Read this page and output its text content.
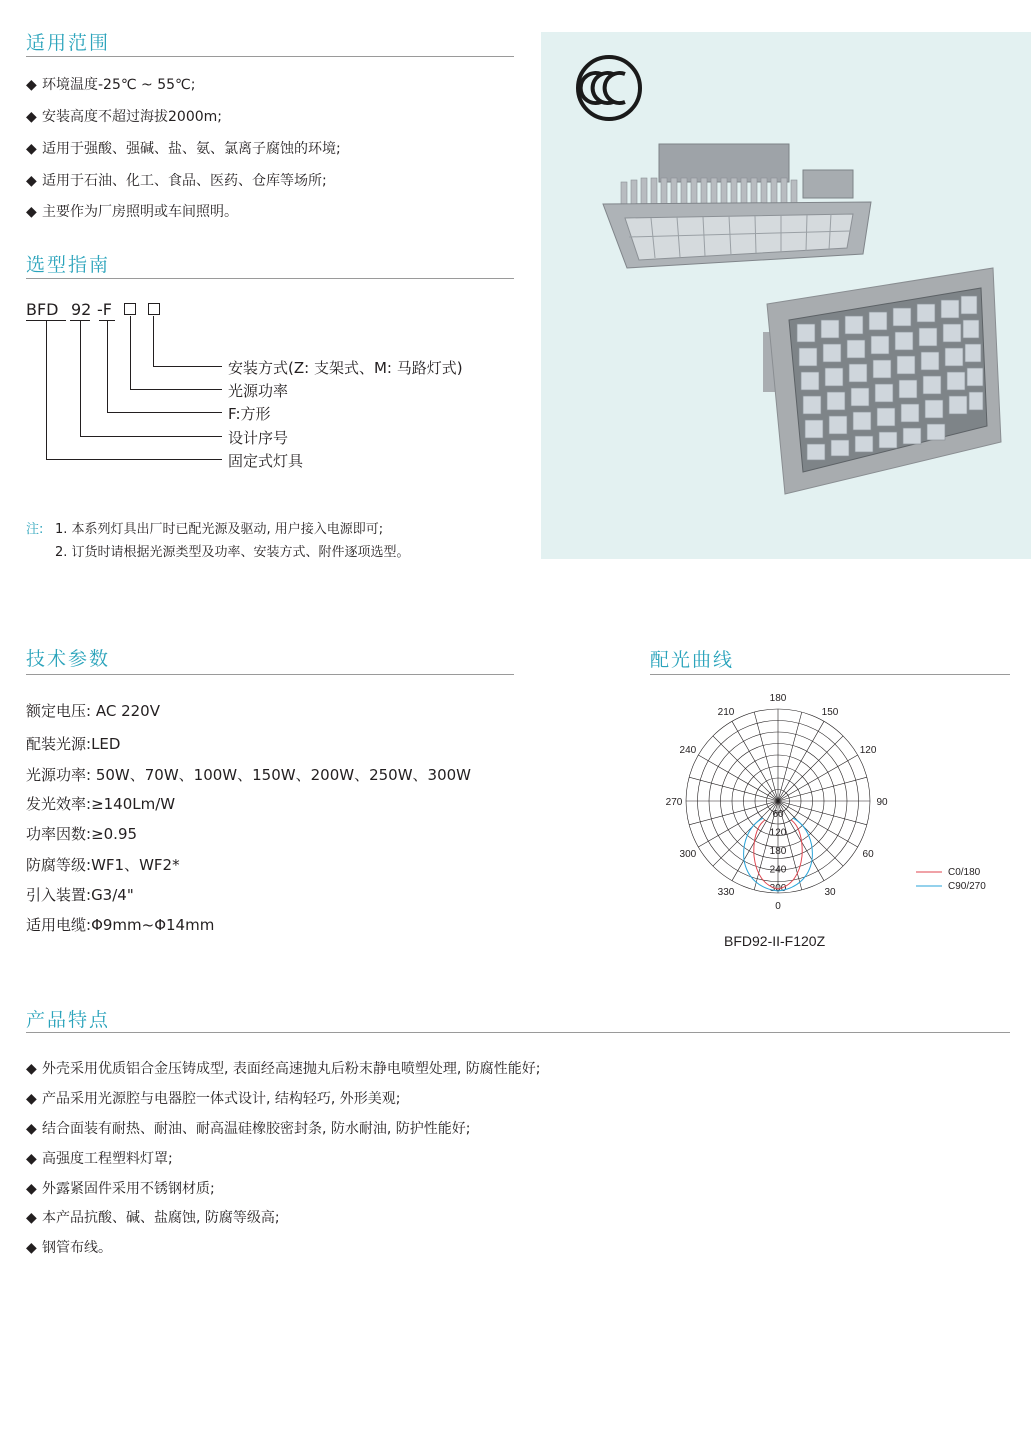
适用范围
◆ 环境温度-25℃ ~ 55℃;
◆ 安装高度不超过海拔2000m;
◆ 适用于强酸、强碱、盐、氨、氯离子腐蚀的环境;
◆ 适用于石油、化工、食品、医药、仓库等场所;
◆ 主要作为厂房照明或车间照明。
选型指南
BFD 92 -F
安装方式(Z: 支架式、M: 马路灯式)
光源功率
F:方形
设计序号
固定式灯具
注: 1. 本系列灯具出厂时已配光源及驱动, 用户接入电源即可;
2. 订货时请根据光源类型及功率、安装方式、附件逐项选型。
技术参数
额定电压: AC 220V
配装光源:LED
光源功率: 50W、70W、100W、150W、200W、250W、300W
发光效率:≥140Lm/W
功率因数:≥0.95
防腐等级:WF1、WF2*
引入装置:G3/4"
适用电缆:Φ9mm~Φ14mm
配光曲线
180
150
120
90
60
30
0
330
300
270
240
210
60
120
180
240
300
C0/180
C90/270
BFD92-II-F120Z
产品特点
◆ 外壳采用优质铝合金压铸成型, 表面经高速抛丸后粉末静电喷塑处理, 防腐性能好;
◆ 产品采用光源腔与电器腔一体式设计, 结构轻巧, 外形美观;
◆ 结合面装有耐热、耐油、耐高温硅橡胶密封条, 防水耐油, 防护性能好;
◆ 高强度工程塑料灯罩;
◆ 外露紧固件采用不锈钢材质;
◆ 本产品抗酸、碱、盐腐蚀, 防腐等级高;
◆ 钢管布线。
